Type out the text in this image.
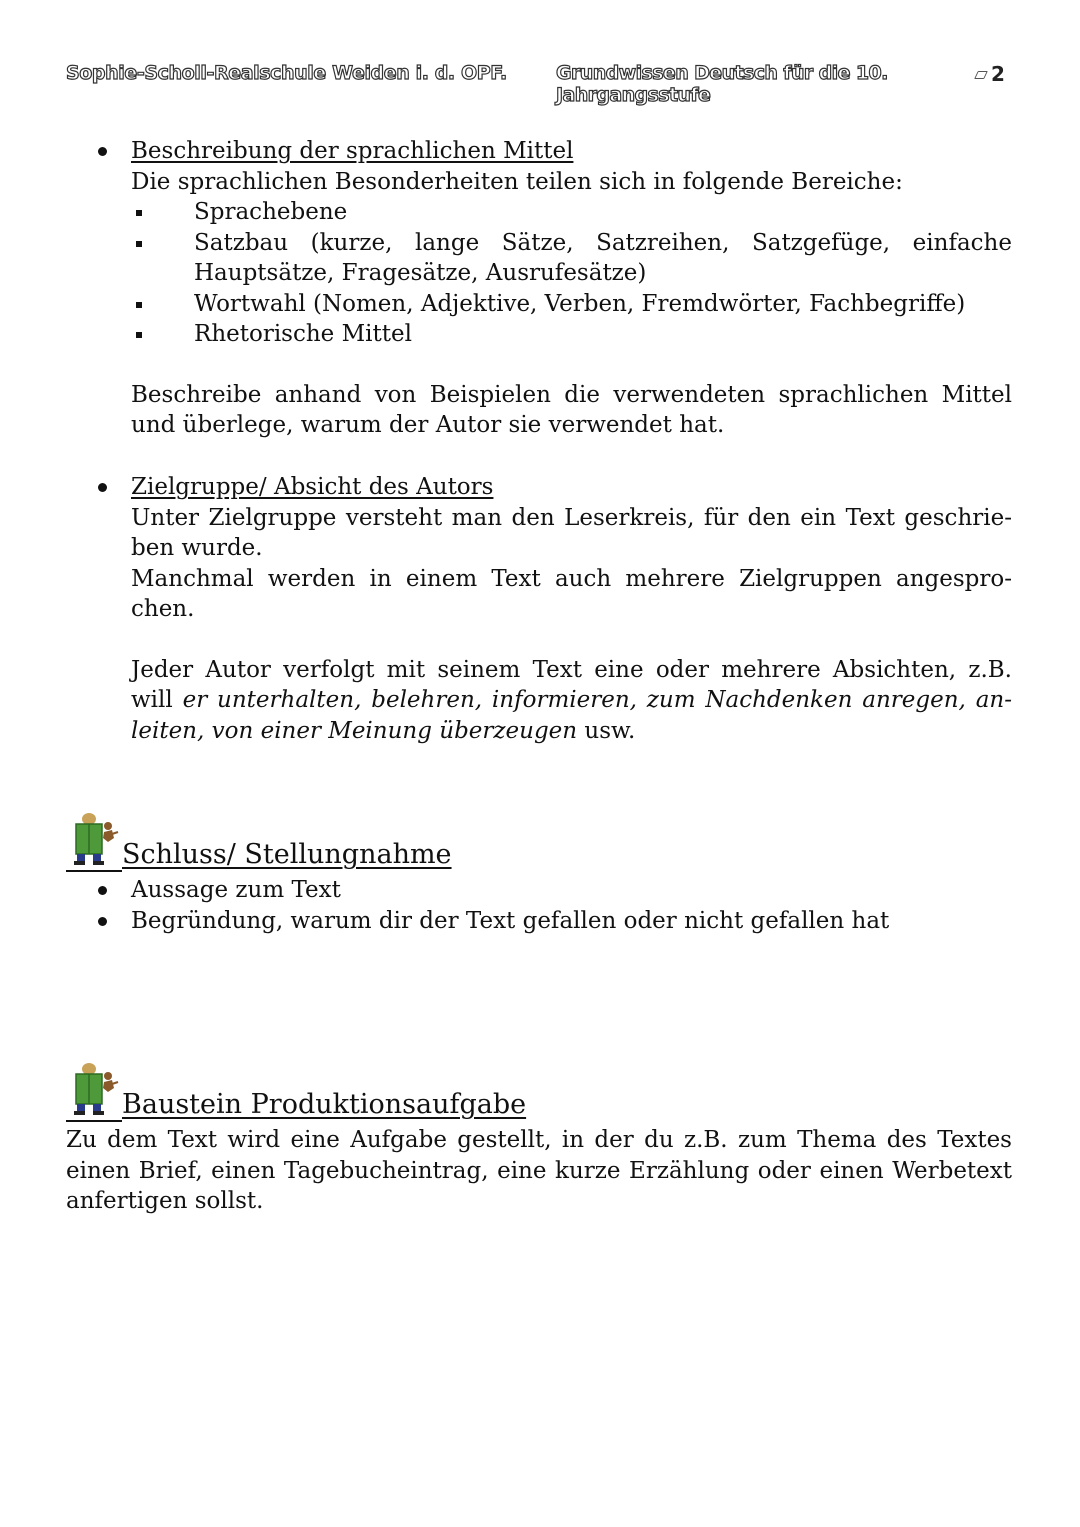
Sophie-Scholl-Realschule Weiden i. d. OPF.	Grundwissen Deutsch für die 10. Jahrgangsstufe
2
Beschreibung der sprachlichen Mittel
Die sprachlichen Besonderheiten teilen sich in folgende Bereiche:
Sprachebene
Satzbau (kurze, lange Sätze, Satzreihen, Satzgefüge, einfache
Hauptsätze, Fragesätze, Ausrufesätze)
Wortwahl (Nomen, Adjektive, Verben, Fremdwörter, Fachbegriffe)
Rhetorische Mittel
Beschreibe anhand von Beispielen die verwendeten sprachlichen Mittel
und überlege, warum der Autor sie verwendet hat.
Zielgruppe/ Absicht des Autors
Unter Zielgruppe versteht man den Leserkreis, für den ein Text geschrie-
ben wurde.
Manchmal werden in einem Text auch mehrere Zielgruppen angespro-
chen.
Jeder Autor verfolgt mit seinem Text eine oder mehrere Absichten, z.B.
will er unterhalten, belehren, informieren, zum Nachdenken anregen, an-
leiten, von einer Meinung überzeugen usw.
Schluss/ Stellungnahme
Aussage zum Text
Begründung, warum dir der Text gefallen oder nicht gefallen hat
Baustein Produktionsaufgabe
Zu dem Text wird eine Aufgabe gestellt, in der du z.B. zum Thema des Textes
einen Brief, einen Tagebucheintrag, eine kurze Erzählung oder einen Werbetext
anfertigen sollst.
